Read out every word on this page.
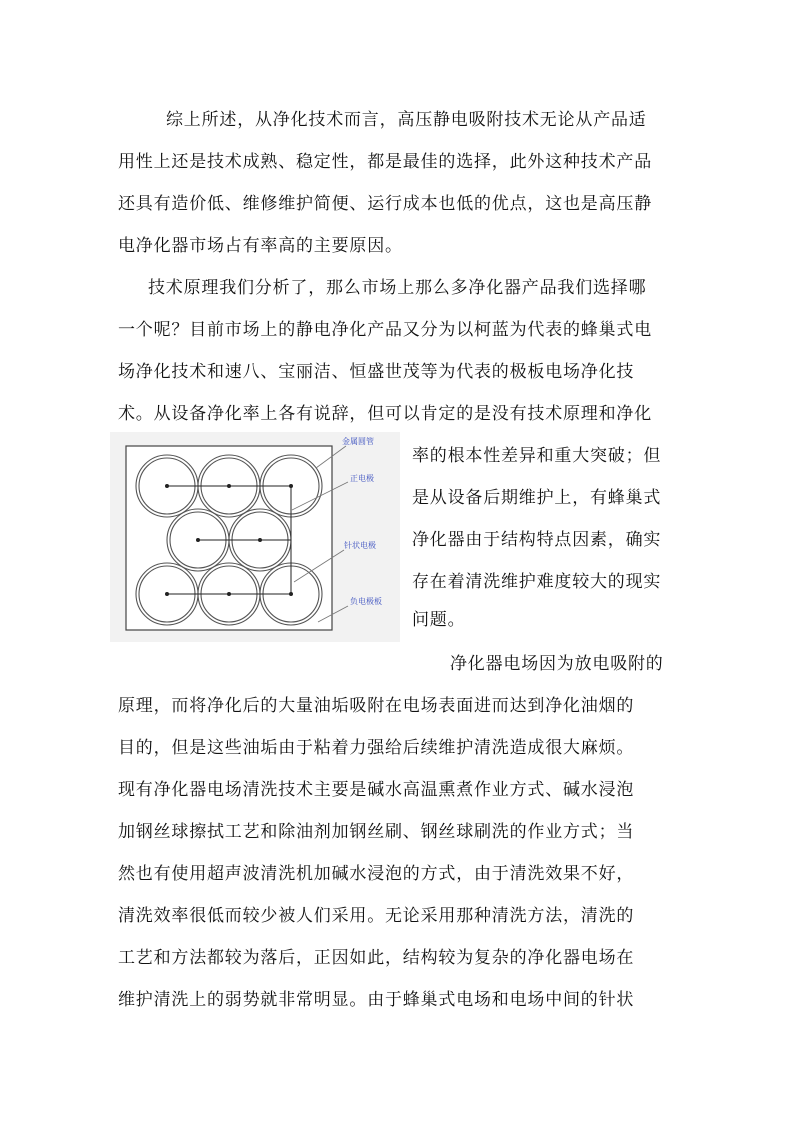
综上所述，从净化技术而言，高压静电吸附技术无论从产品适
用性上还是技术成熟、稳定性，都是最佳的选择，此外这种技术产品
还具有造价低、维修维护简便、运行成本也低的优点，这也是高压静
电净化器市场占有率高的主要原因。
技术原理我们分析了，那么市场上那么多净化器产品我们选择哪
一个呢？目前市场上的静电净化产品又分为以柯蓝为代表的蜂巢式电
场净化技术和速八、宝丽洁、恒盛世茂等为代表的极板电场净化技
术。从设备净化率上各有说辞，但可以肯定的是没有技术原理和净化
率的根本性差异和重大突破；但
是从设备后期维护上，有蜂巢式
净化器由于结构特点因素，确实
存在着清洗维护难度较大的现实
问题。
净化器电场因为放电吸附的
原理，而将净化后的大量油垢吸附在电场表面进而达到净化油烟的
目的，但是这些油垢由于粘着力强给后续维护清洗造成很大麻烦。
现有净化器电场清洗技术主要是碱水高温熏煮作业方式、碱水浸泡
加钢丝球擦拭工艺和除油剂加钢丝刷、钢丝球刷洗的作业方式；当
然也有使用超声波清洗机加碱水浸泡的方式，由于清洗效果不好，
清洗效率很低而较少被人们采用。无论采用那种清洗方法，清洗的
工艺和方法都较为落后，正因如此，结构较为复杂的净化器电场在
维护清洗上的弱势就非常明显。由于蜂巢式电场和电场中间的针状
金属圆管
正电极
针状电极
负电极板
